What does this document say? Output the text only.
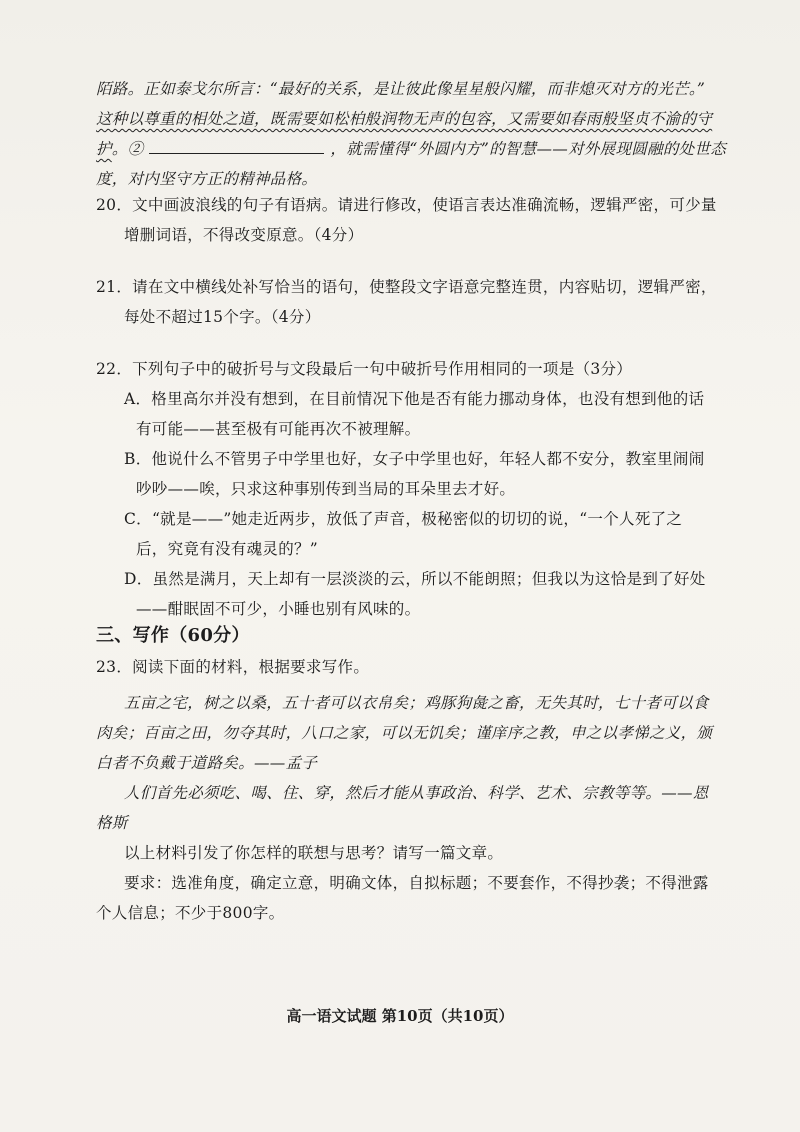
陌路。正如泰戈尔所言：“最好的关系，是让彼此像星星般闪耀，而非熄灭对方的光芒。”
这种以尊重的相处之道，既需要如松柏般润物无声的包容，又需要如春雨般坚贞不渝的守
护。②	，就需懂得“外圆内方”的智慧——对外展现圆融的处世态
度，对内坚守方正的精神品格。
20．文中画波浪线的句子有语病。请进行修改，使语言表达准确流畅，逻辑严密，可少量
增删词语，不得改变原意。（4分）
21．请在文中横线处补写恰当的语句，使整段文字语意完整连贯，内容贴切，逻辑严密，
每处不超过15个字。（4分）
22．下列句子中的破折号与文段最后一句中破折号作用相同的一项是（3分）
A．格里高尔并没有想到，在目前情况下他是否有能力挪动身体，也没有想到他的话
有可能——甚至极有可能再次不被理解。
B．他说什么不管男子中学里也好，女子中学里也好，年轻人都不安分，教室里闹闹
吵吵——唉，只求这种事别传到当局的耳朵里去才好。
C．“就是——”她走近两步，放低了声音，极秘密似的切切的说，“一个人死了之
后，究竟有没有魂灵的？”
D．虽然是满月，天上却有一层淡淡的云，所以不能朗照；但我以为这恰是到了好处
——酣眠固不可少，小睡也别有风味的。
三、写作（60分）
23．阅读下面的材料，根据要求写作。
五亩之宅，树之以桑，五十者可以衣帛矣；鸡豚狗彘之畜，无失其时，七十者可以食
肉矣；百亩之田，勿夺其时，八口之家，可以无饥矣；谨庠序之教，申之以孝悌之义，颁
白者不负戴于道路矣。——孟子
人们首先必须吃、喝、住、穿，然后才能从事政治、科学、艺术、宗教等等。——恩
格斯
以上材料引发了你怎样的联想与思考？请写一篇文章。
要求：选准角度，确定立意，明确文体，自拟标题；不要套作，不得抄袭；不得泄露
个人信息；不少于800字。
高一语文试题 第10页（共10页）
